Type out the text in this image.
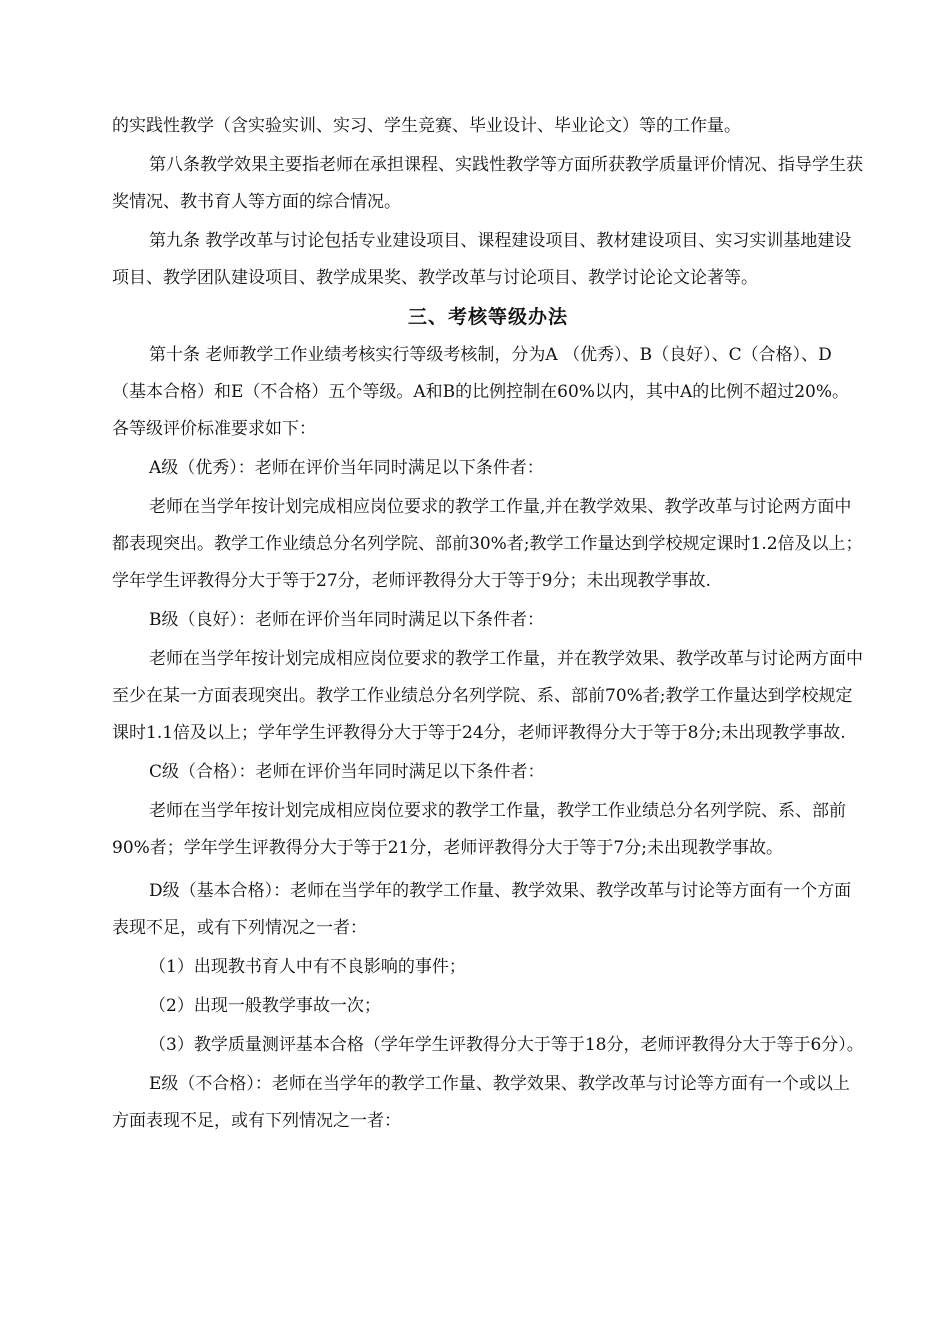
的实践性教学（含实验实训、实习、学生竞赛、毕业设计、毕业论文）等的工作量。

第八条教学效果主要指老师在承担课程、实践性教学等方面所获教学质量评价情况、指导学生获奖情况、教书育人等方面的综合情况。

第九条 教学改革与讨论包括专业建设项目、课程建设项目、教材建设项目、实习实训基地建设项目、教学团队建设项目、教学成果奖、教学改革与讨论项目、教学讨论论文论著等。

三、考核等级办法

第十条 老师教学工作业绩考核实行等级考核制，分为A （优秀）、B（良好）、C（合格）、D（基本合格）和E（不合格）五个等级。A和B的比例控制在60%以内，其中A的比例不超过20%。各等级评价标准要求如下：

A级（优秀）：老师在评价当年同时满足以下条件者：

老师在当学年按计划完成相应岗位要求的教学工作量,并在教学效果、教学改革与讨论两方面中都表现突出。教学工作业绩总分名列学院、部前30%者;教学工作量达到学校规定课时1.2倍及以上；学年学生评教得分大于等于27分，老师评教得分大于等于9分；未出现教学事故.

B级（良好）：老师在评价当年同时满足以下条件者：

老师在当学年按计划完成相应岗位要求的教学工作量，并在教学效果、教学改革与讨论两方面中至少在某一方面表现突出。教学工作业绩总分名列学院、系、部前70%者;教学工作量达到学校规定课时1.1倍及以上；学年学生评教得分大于等于24分，老师评教得分大于等于8分;未出现教学事故.

C级（合格）：老师在评价当年同时满足以下条件者：

老师在当学年按计划完成相应岗位要求的教学工作量，教学工作业绩总分名列学院、系、部前90%者；学年学生评教得分大于等于21分，老师评教得分大于等于7分;未出现教学事故。

D级（基本合格）：老师在当学年的教学工作量、教学效果、教学改革与讨论等方面有一个方面表现不足，或有下列情况之一者：

（1）出现教书育人中有不良影响的事件；

（2）出现一般教学事故一次；

（3）教学质量测评基本合格（学年学生评教得分大于等于18分，老师评教得分大于等于6分）。

E级（不合格）：老师在当学年的教学工作量、教学效果、教学改革与讨论等方面有一个或以上方面表现不足，或有下列情况之一者：
